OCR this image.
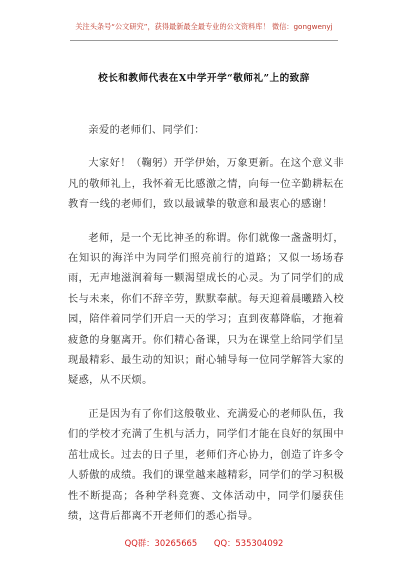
关注头条号“公文研究”，获得最新最全最专业的公文资料库！ 微信：gongwenyj
校长和教师代表在X中学开学“敬师礼”上的致辞

亲爱的老师们、同学们：

大家好！（鞠躬）开学伊始，万象更新。在这个意义非凡的敬师礼上，我怀着无比感激之情，向每一位辛勤耕耘在教育一线的老师们，致以最诚挚的敬意和最衷心的感谢！

老师，是一个无比神圣的称谓。你们就像一盏盏明灯，在知识的海洋中为同学们照亮前行的道路；又似一场场春雨，无声地滋润着每一颗渴望成长的心灵。为了同学们的成长与未来，你们不辞辛劳，默默奉献。每天迎着晨曦踏入校园，陪伴着同学们开启一天的学习；直到夜幕降临，才拖着疲惫的身躯离开。你们精心备课，只为在课堂上给同学们呈现最精彩、最生动的知识；耐心辅导每一位同学解答大家的疑惑，从不厌烦。

正是因为有了你们这般敬业、充满爱心的老师队伍，我们的学校才充满了生机与活力，同学们才能在良好的氛围中茁壮成长。过去的日子里，老师们齐心协力，创造了许多令人骄傲的成绩。我们的课堂越来越精彩，同学们的学习积极性不断提高；各种学科竞赛、文体活动中，同学们屡获佳绩，这背后都离不开老师们的悉心指导。

QQ群：30265665 QQ：535304092
